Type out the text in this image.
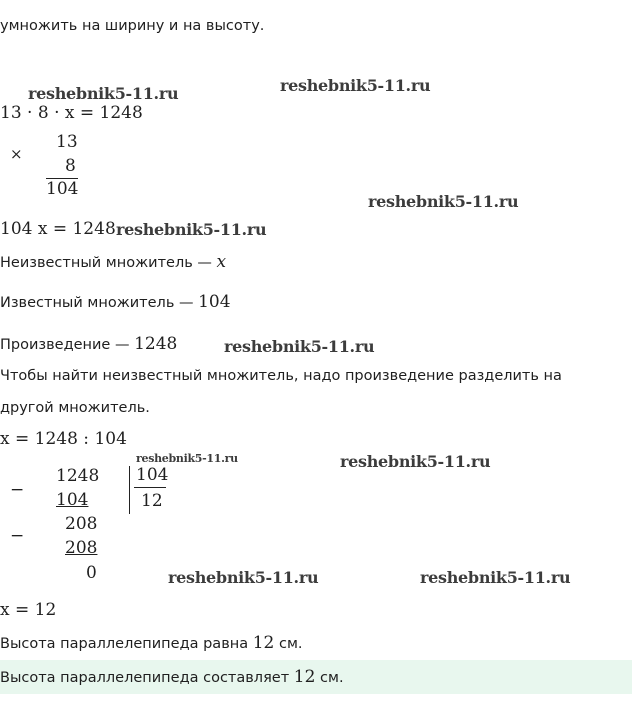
умножить на ширину и на высоту.
reshebnik5-11.ru	reshebnik5-11.ru
13 · 8 · x = 1248
×
13
8
104
reshebnik5-11.ru
104 x = 1248 reshebnik5-11.ru
Неизвестный множитель — x
Известный множитель — 104
Произведение — 1248	reshebnik5-11.ru
Чтобы найти неизвестный множитель, надо произведение разделить на
другой множитель.
x = 1248 : 104
reshebnik5-11.ru	reshebnik5-11.ru
−
1248 104
12
104
208
−
208
0	reshebnik5-11.ru	reshebnik5-11.ru
x = 12
Высота параллелепипеда равна 12 см.
Высота параллелепипеда составляет 12 см.
